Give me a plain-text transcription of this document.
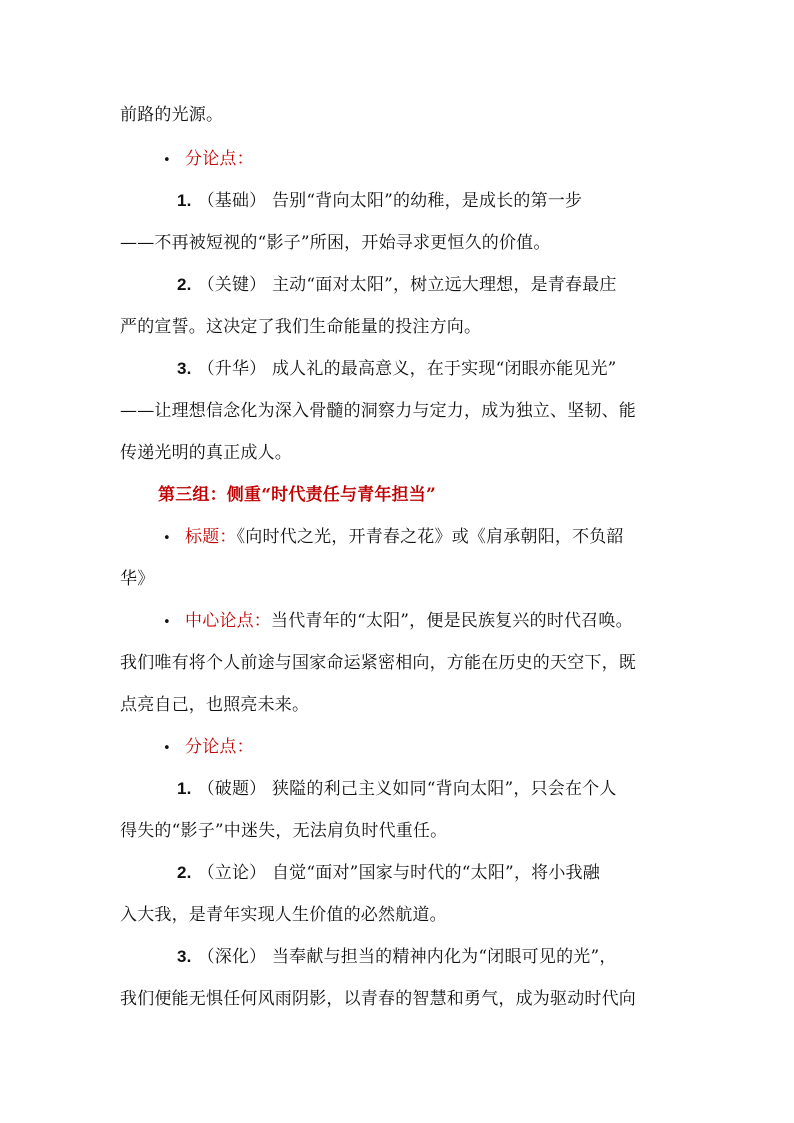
前路的光源。
• 分论点：
1. （基础） 告别“背向太阳”的幼稚，是成长的第一步
——不再被短视的“影子”所困，开始寻求更恒久的价值。
2. （关键） 主动“面对太阳”，树立远大理想，是青春最庄
严的宣誓。这决定了我们生命能量的投注方向。
3. （升华） 成人礼的最高意义，在于实现“闭眼亦能见光”
——让理想信念化为深入骨髓的洞察力与定力，成为独立、坚韧、能
传递光明的真正成人。
第三组：侧重“时代责任与青年担当”
• 标题：《向时代之光，开青春之花》或《肩承朝阳，不负韶
华》
• 中心论点：当代青年的“太阳”，便是民族复兴的时代召唤。
我们唯有将个人前途与国家命运紧密相向，方能在历史的天空下，既
点亮自己，也照亮未来。
• 分论点：
1. （破题） 狭隘的利己主义如同“背向太阳”，只会在个人
得失的“影子”中迷失，无法肩负时代重任。
2. （立论） 自觉“面对”国家与时代的“太阳”，将小我融
入大我，是青年实现人生价值的必然航道。
3. （深化） 当奉献与担当的精神内化为“闭眼可见的光”，
我们便能无惧任何风雨阴影，以青春的智慧和勇气，成为驱动时代向
